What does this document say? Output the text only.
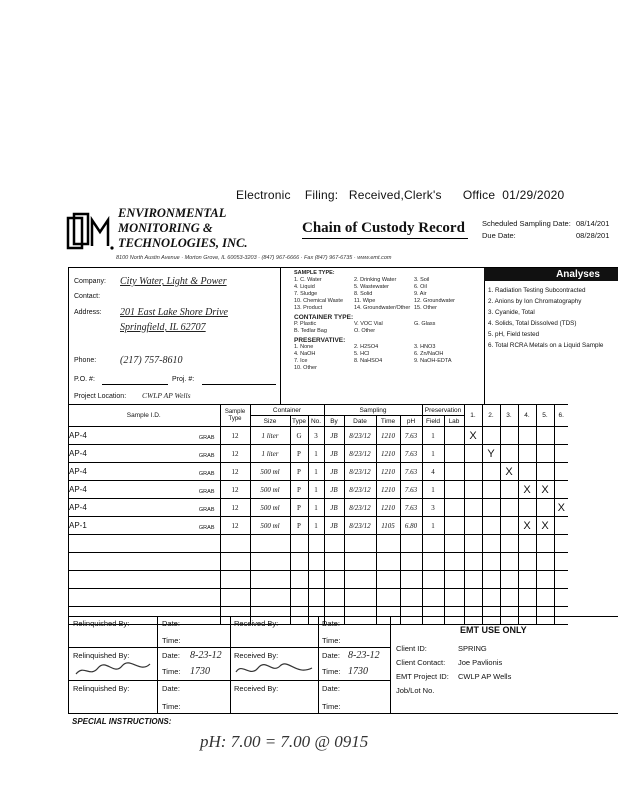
Electronic    Filing:   Received,Clerk's      Office  01/29/2020
ENVIRONMENTAL
MONITORING &
TECHNOLOGIES, INC.
8100 North Austin Avenue · Morton Grove, IL 60053-3203 · (847) 967-6666 · Fax (847) 967-6735 · www.emt.com
Chain of Custody Record Scheduled Sampling Date: 08/14/201
Due Date:	08/28/201
Company: City Water, Light & Power
Contact:
Address: 201 East Lake Shore Drive
Springfield, IL 62707
Phone: (217) 757-8610
P.O. #:	Proj. #:
Project Location: CWLP AP Wells
SAMPLE TYPE:
1. C. Water	2. Drinking Water	3. Soil
4. Liquid	5. Wastewater	6. Oil
7. Sludge	8. Solid	9. Air
10. Chemical Waste	11. Wipe	12. Groundwater
13. Product	14. Groundwater/Other 15. Other
CONTAINER TYPE:
P. Plastic	V. VOC Vial	G. Glass
B. Tedlar Bag	O. Other
PRESERVATIVE:
1. None	2. H2SO4	3. HNO3
4. NaOH	5. HCl	6. Zn/NaOH
7. Ice	8. NaHSO4	9. NaOH-EDTA
10. Other
Analyses
1. Radiation Testing Subcontracted
2. Anions by Ion Chromatography
3. Cyanide, Total
4. Solids, Total Dissolved (TDS)
5. pH, Field tested
6. Total RCRA Metals on a Liquid Sample
Sample I.D.	Sample Type	Container			Sampling				Preservation		1.	2.	3.	4.	5.	6.
		Size	Type	No.	By	Date	Time	pH	Field	Lab						
AP-4 GRAB	12	1 liter	G	3	JB	8/23/12	1210	7.63	1		X					
AP-4 GRAB	12	1 liter	P	1	JB	8/23/12	1210	7.63	1			Y				
AP-4 GRAB	12	500 ml	P	1	JB	8/23/12	1210	7.63	4				X			
AP-4 GRAB	12	500 ml	P	1	JB	8/23/12	1210	7.63	1					X	X	
AP-4 GRAB	12	500 ml	P	1	JB	8/23/12	1210	7.63	3							X
AP-1 GRAB	12	500 ml	P	1	JB	8/23/12	1105	6.80	1					X	X	

Relinquished By:	Date:
Time:
Received By:	Date:
Time:
Relinquished By:	Date: 8-23-12
Time: 1730
Received By:	Date: 8-23-12
Time: 1730
Relinquished By:	Date:
Time:
Received By:	Date:
Time:
EMT USE ONLY
Client ID:	SPRING
Client Contact: Joe Pavlionis
EMT Project ID: CWLP AP Wells
Job/Lot No.
SPECIAL INSTRUCTIONS:
pH: 7.00 = 7.00 @ 0915
